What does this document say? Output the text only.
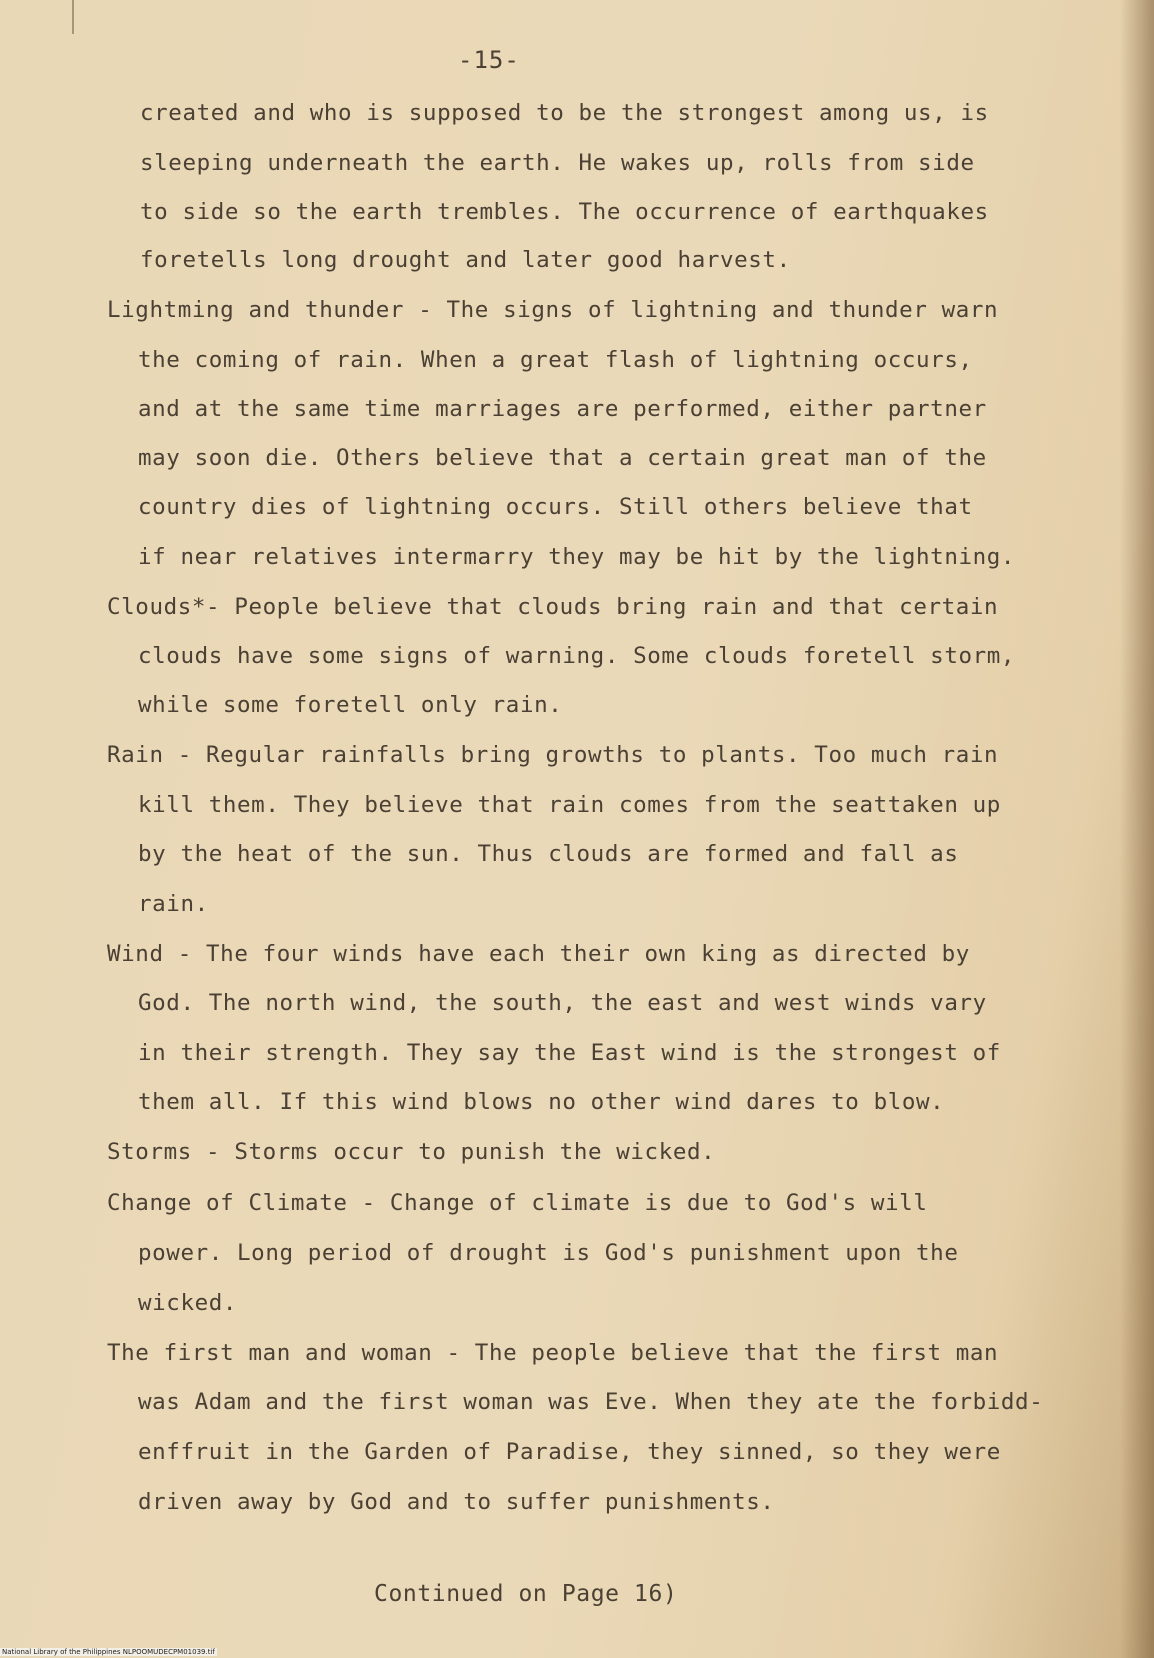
-15-
created and who is supposed to be the strongest among us, is
sleeping underneath the earth. He wakes up, rolls from side
to side so the earth trembles. The occurrence of earthquakes
foretells long drought and later good harvest.
Lightming and thunder - The signs of lightning and thunder warn
the coming of rain. When a great flash of lightning occurs,
and at the same time marriages are performed, either partner
may soon die. Others believe that a certain great man of the
country dies of lightning occurs. Still others believe that
if near relatives intermarry they may be hit by the lightning.
Clouds*- People believe that clouds bring rain and that certain
clouds have some signs of warning. Some clouds foretell storm,
while some foretell only rain.
Rain - Regular rainfalls bring growths to plants. Too much rain
kill them. They believe that rain comes from the seattaken up
by the heat of the sun. Thus clouds are formed and fall as
rain.
Wind - The four winds have each their own king as directed by
God. The north wind, the south, the east and west winds vary
in their strength. They say the East wind is the strongest of
them all. If this wind blows no other wind dares to blow.
Storms - Storms occur to punish the wicked.
Change of Climate - Change of climate is due to God's will
power. Long period of drought is God's punishment upon the
wicked.
The first man and woman - The people believe that the first man
was Adam and the first woman was Eve. When they ate the forbidd-
enffruit in the Garden of Paradise, they sinned, so they were
driven away by God and to suffer punishments.
Continued on Page 16)
National Library of the Philippines NLPOOMUDECPM01039.tif
